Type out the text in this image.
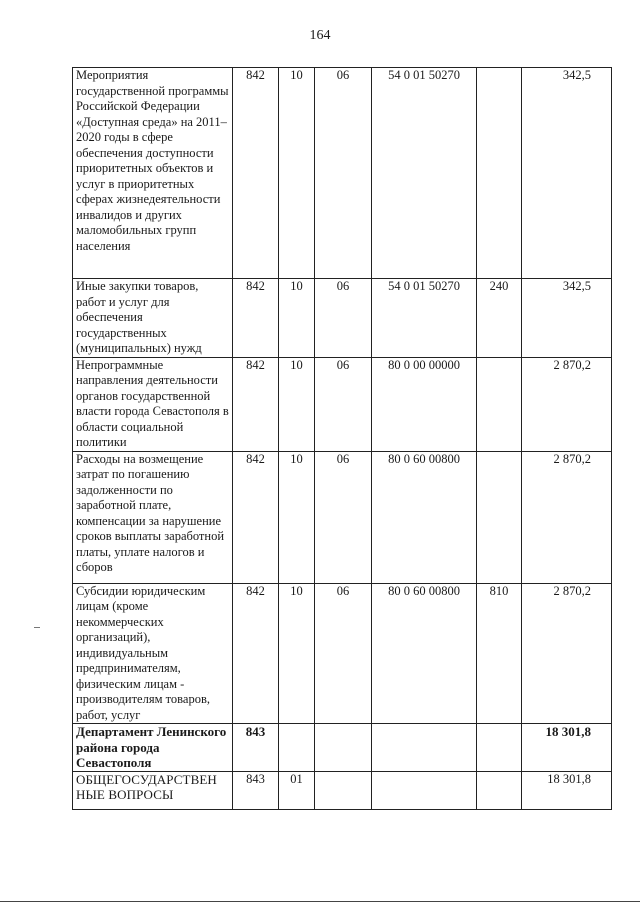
164
Мероприятия государственной программы Российской Федерации «Доступная среда» на 2011–2020 годы в сфере обеспечения доступности приоритетных объектов и услуг в приоритетных сферах жизнедеятельности инвалидов и других маломобильных групп населения	842	10	06	54 0 01 50270		342,5
Иные закупки товаров, работ и услуг для обеспечения государственных (муниципальных) нужд	842	10	06	54 0 01 50270	240	342,5
Непрограммные направления деятельности органов государственной власти города Севастополя в области социальной политики	842	10	06	80 0 00 00000		2 870,2
Расходы на возмещение затрат по погашению задолженности по заработной плате, компенсации за нарушение сроков выплаты заработной платы, уплате налогов и сборов	842	10	06	80 0 60 00800		2 870,2
Субсидии юридическим лицам (кроме некоммерческих организаций), индивидуальным предпринимателям, физическим лицам - производителям товаров, работ, услуг	842	10	06	80 0 60 00800	810	2 870,2
Департамент Ленинского района города Севастополя	843					18 301,8
ОБЩЕГОСУДАРСТВЕН НЫЕ ВОПРОСЫ	843	01				18 301,8
